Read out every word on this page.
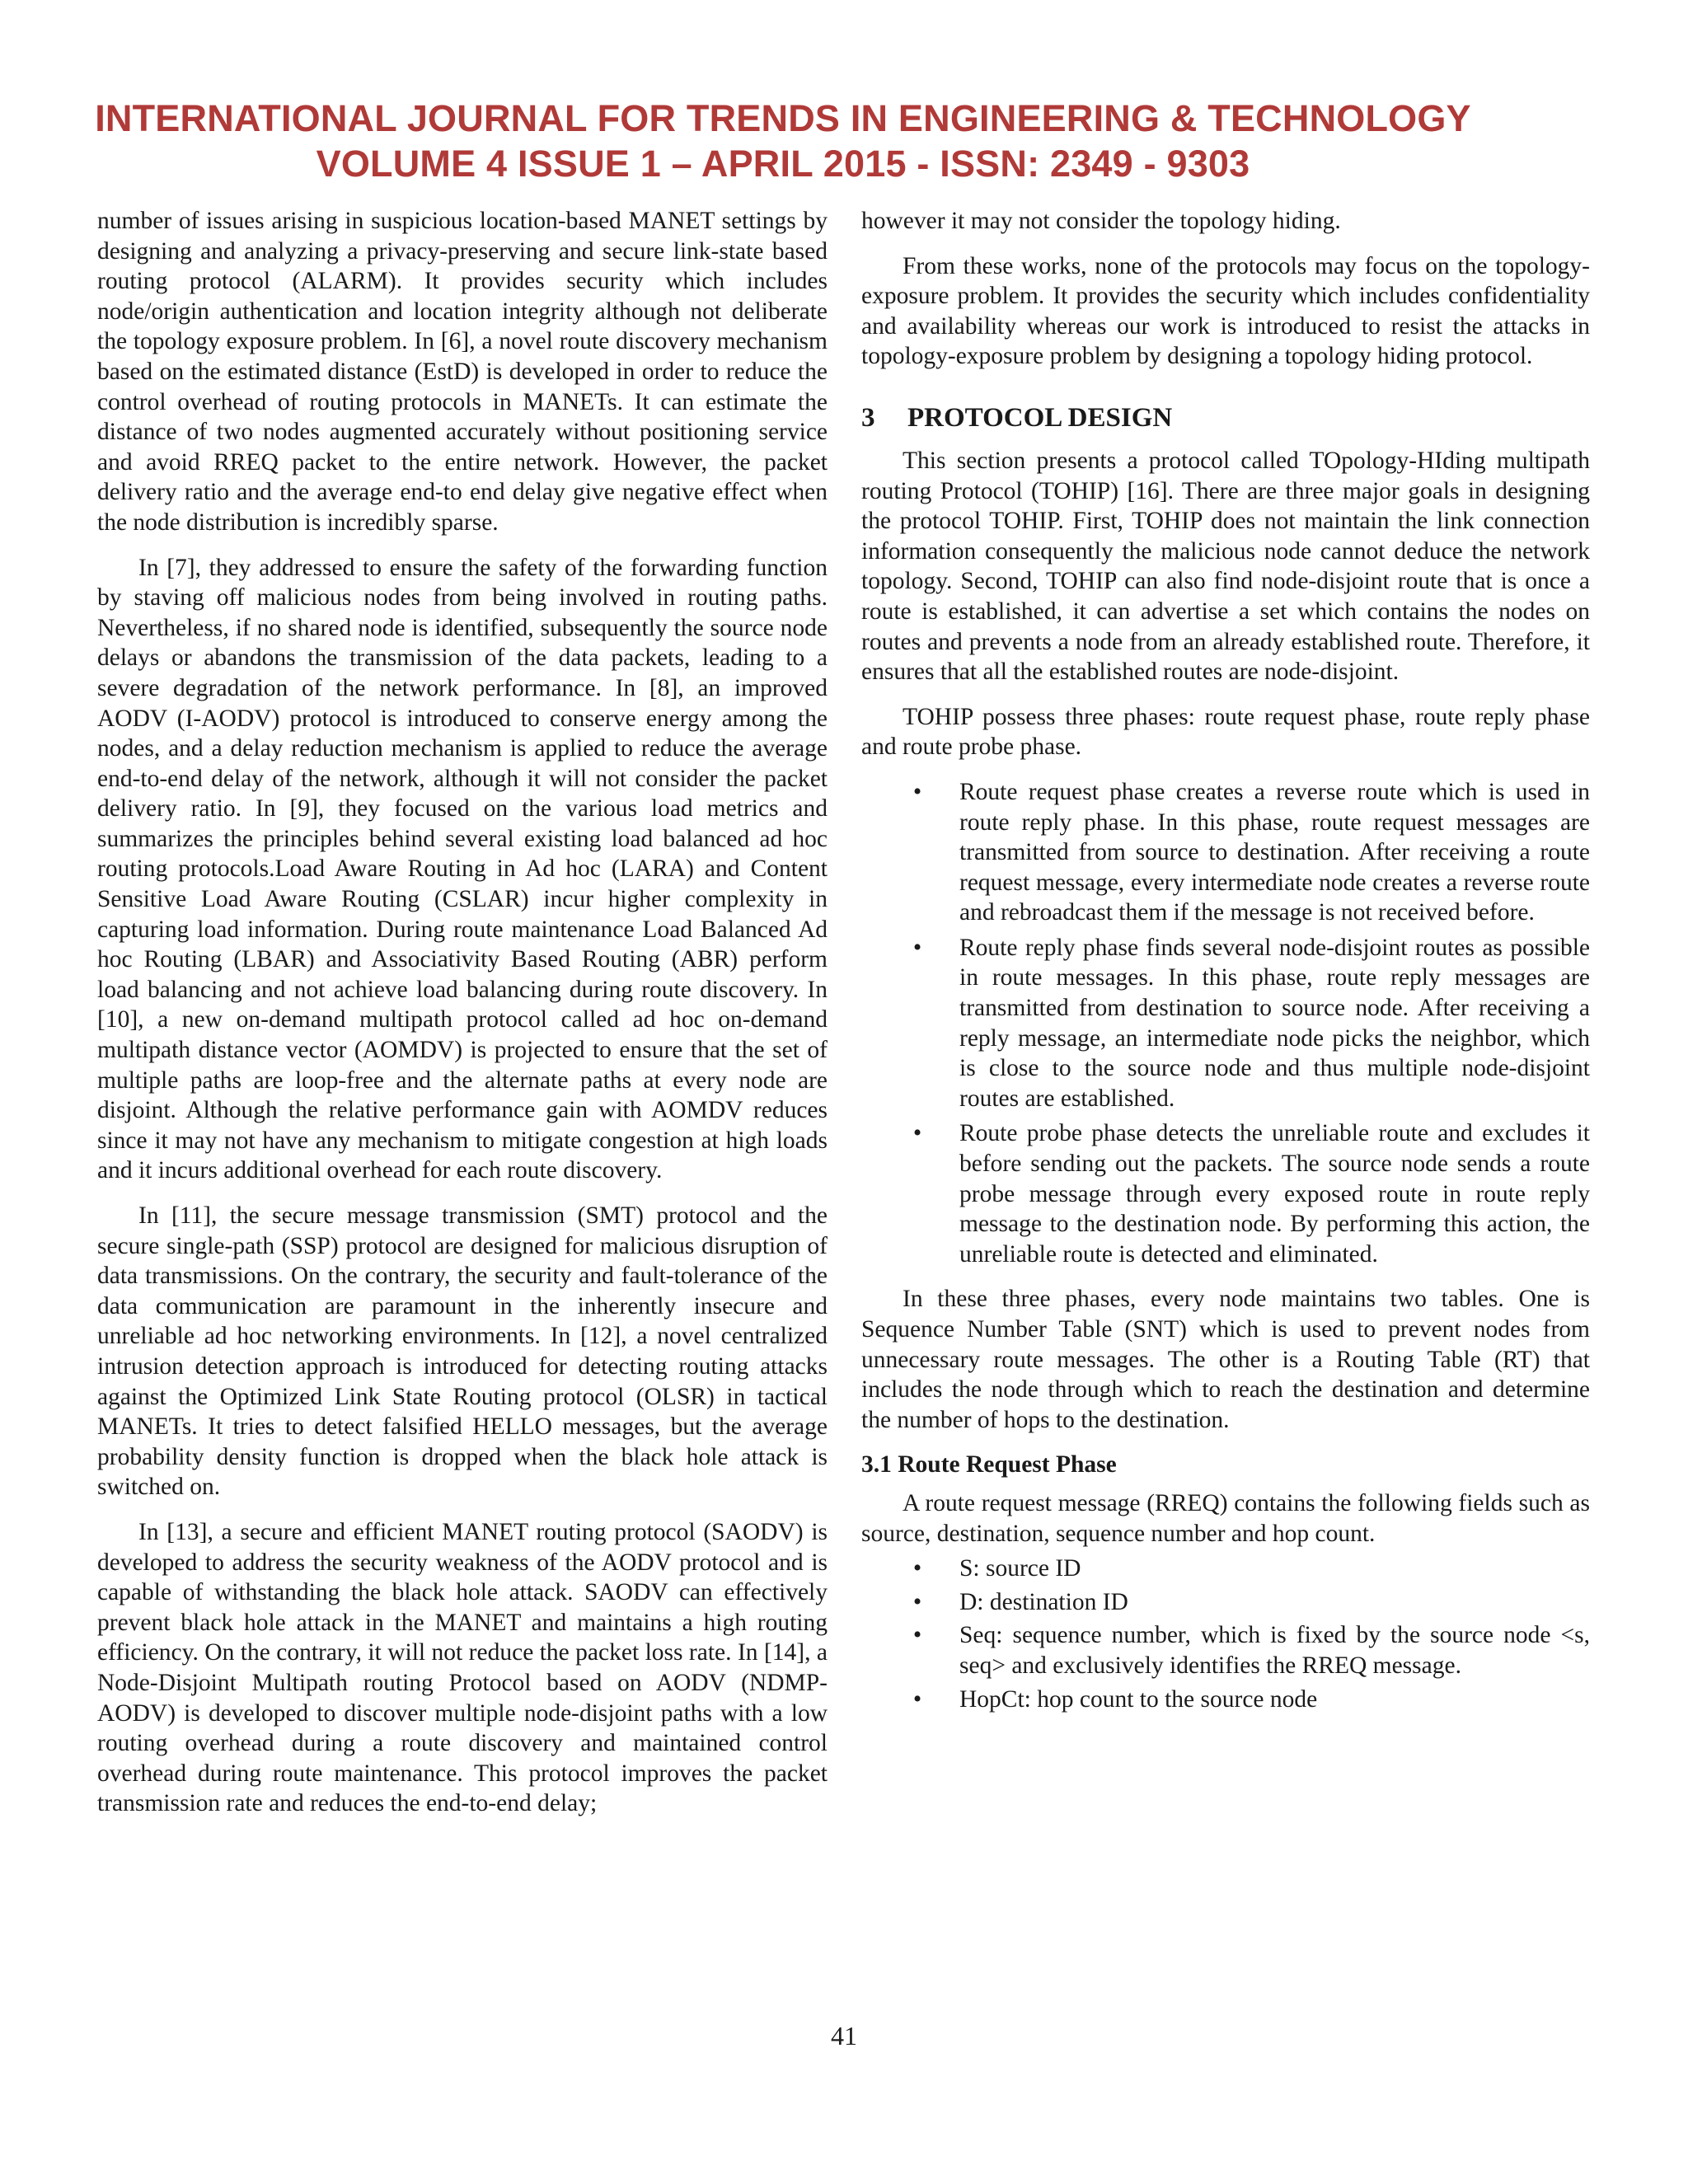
INTERNATIONAL JOURNAL FOR TRENDS IN ENGINEERING & TECHNOLOGY
VOLUME 4 ISSUE 1 – APRIL 2015 - ISSN: 2349 - 9303

number of issues arising in suspicious location-based MANET settings by designing and analyzing a privacy-preserving and secure link-state based routing protocol (ALARM). It provides security which includes node/origin authentication and location integrity although not deliberate the topology exposure problem. In [6], a novel route discovery mechanism based on the estimated distance (EstD) is developed in order to reduce the control overhead of routing protocols in MANETs. It can estimate the distance of two nodes augmented accurately without positioning service and avoid RREQ packet to the entire network. However, the packet delivery ratio and the average end-to end delay give negative effect when the node distribution is incredibly sparse.

In [7], they addressed to ensure the safety of the forwarding function by staving off malicious nodes from being involved in routing paths. Nevertheless, if no shared node is identified, subsequently the source node delays or abandons the transmission of the data packets, leading to a severe degradation of the network performance. In [8], an improved AODV (I-AODV) protocol is introduced to conserve energy among the nodes, and a delay reduction mechanism is applied to reduce the average end-to-end delay of the network, although it will not consider the packet delivery ratio. In [9], they focused on the various load metrics and summarizes the principles behind several existing load balanced ad hoc routing protocols.Load Aware Routing in Ad hoc (LARA) and Content Sensitive Load Aware Routing (CSLAR) incur higher complexity in capturing load information. During route maintenance Load Balanced Ad hoc Routing (LBAR) and Associativity Based Routing (ABR) perform load balancing and not achieve load balancing during route discovery. In [10], a new on-demand multipath protocol called ad hoc on-demand multipath distance vector (AOMDV) is projected to ensure that the set of multiple paths are loop-free and the alternate paths at every node are disjoint. Although the relative performance gain with AOMDV reduces since it may not have any mechanism to mitigate congestion at high loads and it incurs additional overhead for each route discovery.

In [11], the secure message transmission (SMT) protocol and the secure single-path (SSP) protocol are designed for malicious disruption of data transmissions. On the contrary, the security and fault-tolerance of the data communication are paramount in the inherently insecure and unreliable ad hoc networking environments. In [12], a novel centralized intrusion detection approach is introduced for detecting routing attacks against the Optimized Link State Routing protocol (OLSR) in tactical MANETs. It tries to detect falsified HELLO messages, but the average probability density function is dropped when the black hole attack is switched on.

In [13], a secure and efficient MANET routing protocol (SAODV) is developed to address the security weakness of the AODV protocol and is capable of withstanding the black hole attack. SAODV can effectively prevent black hole attack in the MANET and maintains a high routing efficiency. On the contrary, it will not reduce the packet loss rate. In [14], a Node-Disjoint Multipath routing Protocol based on AODV (NDMP-AODV) is developed to discover multiple node-disjoint paths with a low routing overhead during a route discovery and maintained control overhead during route maintenance. This protocol improves the packet transmission rate and reduces the end-to-end delay;

however it may not consider the topology hiding.

From these works, none of the protocols may focus on the topology-exposure problem. It provides the security which includes confidentiality and availability whereas our work is introduced to resist the attacks in topology-exposure problem by designing a topology hiding protocol.

3 PROTOCOL DESIGN

This section presents a protocol called TOpology-HIding multipath routing Protocol (TOHIP) [16]. There are three major goals in designing the protocol TOHIP. First, TOHIP does not maintain the link connection information consequently the malicious node cannot deduce the network topology. Second, TOHIP can also find node-disjoint route that is once a route is established, it can advertise a set which contains the nodes on routes and prevents a node from an already established route. Therefore, it ensures that all the established routes are node-disjoint.

TOHIP possess three phases: route request phase, route reply phase and route probe phase.

• Route request phase creates a reverse route which is used in route reply phase. In this phase, route request messages are transmitted from source to destination. After receiving a route request message, every intermediate node creates a reverse route and rebroadcast them if the message is not received before.
• Route reply phase finds several node-disjoint routes as possible in route messages. In this phase, route reply messages are transmitted from destination to source node. After receiving a reply message, an intermediate node picks the neighbor, which is close to the source node and thus multiple node-disjoint routes are established.
• Route probe phase detects the unreliable route and excludes it before sending out the packets. The source node sends a route probe message through every exposed route in route reply message to the destination node. By performing this action, the unreliable route is detected and eliminated.

In these three phases, every node maintains two tables. One is Sequence Number Table (SNT) which is used to prevent nodes from unnecessary route messages. The other is a Routing Table (RT) that includes the node through which to reach the destination and determine the number of hops to the destination.

3.1 Route Request Phase

A route request message (RREQ) contains the following fields such as source, destination, sequence number and hop count.

• S: source ID
• D: destination ID
• Seq: sequence number, which is fixed by the source node <s, seq> and exclusively identifies the RREQ message.
• HopCt: hop count to the source node
41
